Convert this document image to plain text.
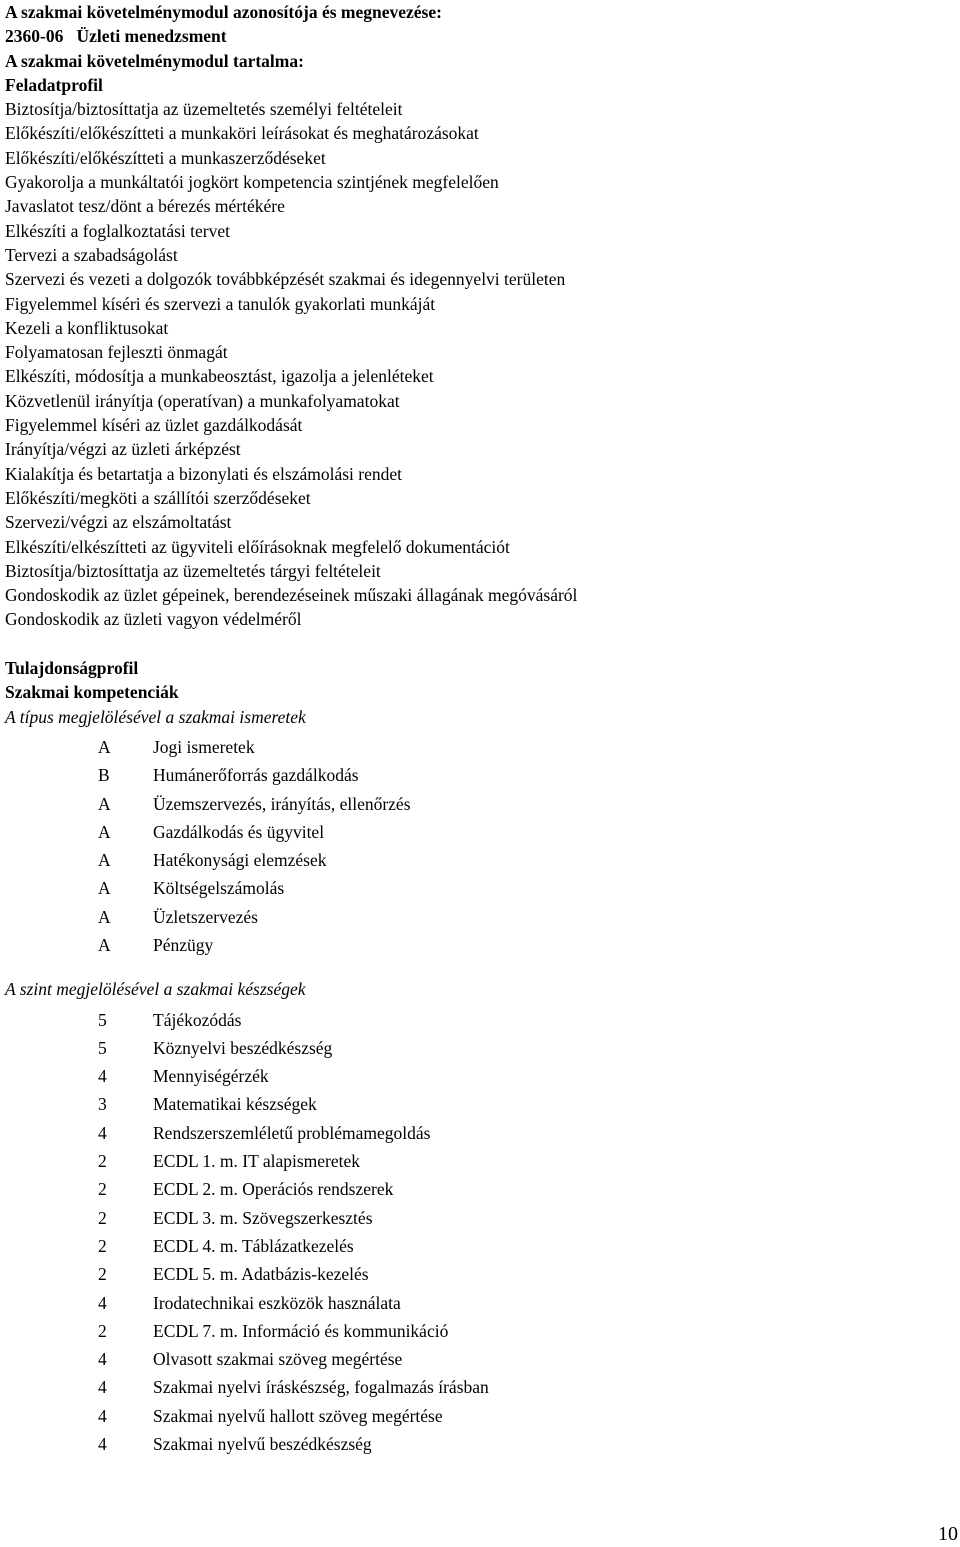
A szakmai követelménymodul azonosítója és megnevezése:
2360-06   Üzleti menedzsment
A szakmai követelménymodul tartalma:
Feladatprofil
Biztosítja/biztosíttatja az üzemeltetés személyi feltételeit
Előkészíti/előkészítteti a munkaköri leírásokat és meghatározásokat
Előkészíti/előkészítteti a munkaszerződéseket
Gyakorolja a munkáltatói jogkört kompetencia szintjének megfelelően
Javaslatot tesz/dönt a bérezés mértékére
Elkészíti a foglalkoztatási tervet
Tervezi a szabadságolást
Szervezi és vezeti a dolgozók továbbképzését szakmai és idegennyelvi területen
Figyelemmel kíséri és szervezi a tanulók gyakorlati munkáját
Kezeli a konfliktusokat
Folyamatosan fejleszti önmagát
Elkészíti, módosítja a munkabeosztást, igazolja a jelenléteket
Közvetlenül irányítja (operatívan) a munkafolyamatokat
Figyelemmel kíséri az üzlet gazdálkodását
Irányítja/végzi az üzleti árképzést
Kialakítja és betartatja a bizonylati és elszámolási rendet
Előkészíti/megköti a szállítói szerződéseket
Szervezi/végzi az elszámoltatást
Elkészíti/elkészítteti az ügyviteli előírásoknak megfelelő dokumentációt
Biztosítja/biztosíttatja az üzemeltetés tárgyi feltételeit
Gondoskodik az üzlet gépeinek, berendezéseinek műszaki állagának megóvásáról
Gondoskodik az üzleti vagyon védelméről
Tulajdonságprofil
Szakmai kompetenciák
A típus megjelölésével a szakmai ismeretek
A Jogi ismeretek
B Humánerőforrás gazdálkodás
A Üzemszervezés, irányítás, ellenőrzés
A Gazdálkodás és ügyvitel
A Hatékonysági elemzések
A Költségelszámolás
A Üzletszervezés
A Pénzügy
A szint megjelölésével a szakmai készségek
5	Tájékozódás
5	Köznyelvi beszédkészség
4	Mennyiségérzék
3	Matematikai készségek
4	Rendszerszemléletű problémamegoldás
2	ECDL 1. m. IT alapismeretek
2	ECDL 2. m. Operációs rendszerek
2	ECDL 3. m. Szövegszerkesztés
2	ECDL 4. m. Táblázatkezelés
2	ECDL 5. m. Adatbázis-kezelés
4	Irodatechnikai eszközök használata
2	ECDL 7. m. Információ és kommunikáció
4	Olvasott szakmai szöveg megértése
4	Szakmai nyelvi íráskészség, fogalmazás írásban
4	Szakmai nyelvű hallott szöveg megértése
4	Szakmai nyelvű beszédkészség
10
